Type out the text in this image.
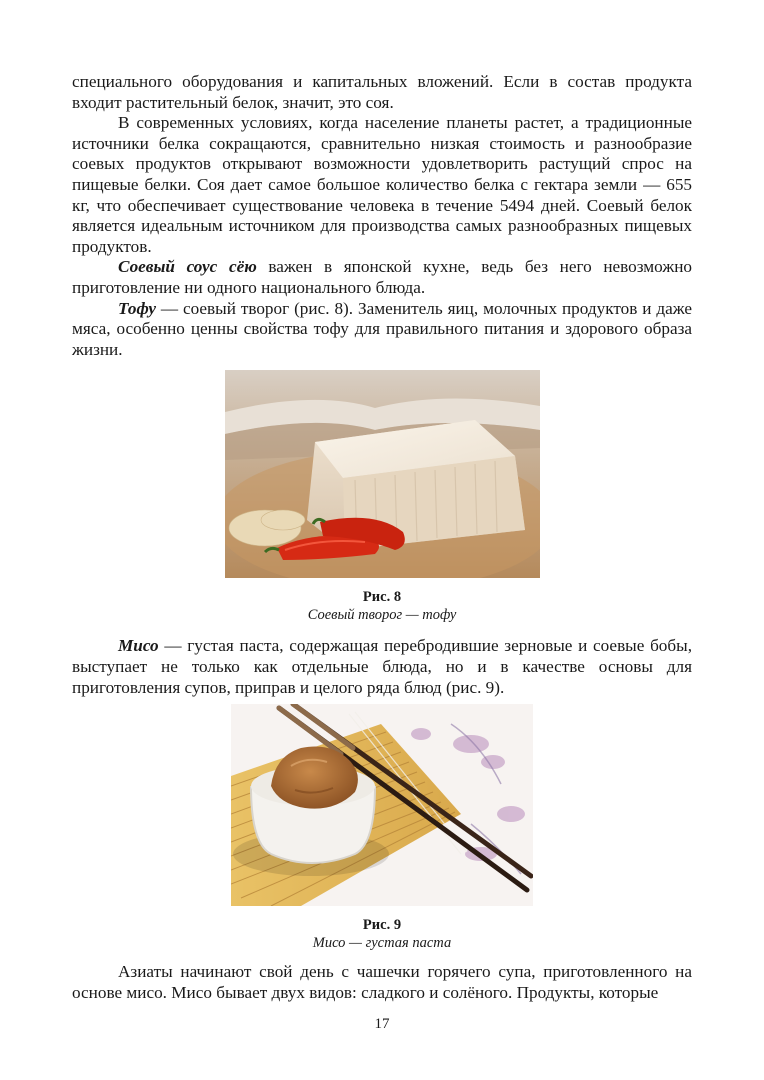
специального оборудования и капитальных вложений. Если в состав продукта входит растительный белок, значит, это соя.

В современных условиях, когда население планеты растет, а традиционные источники белка сокращаются, сравнительно низкая стоимость и разнообразие соевых продуктов открывают возможности удовлетворить растущий спрос на пищевые белки. Соя дает самое большое количество белка с гектара земли — 655 кг, что обеспечивает существование человека в течение 5494 дней. Соевый белок является идеальным источником для производства самых разнообразных пищевых продуктов.

Соевый соус сёю важен в японской кухне, ведь без него невозможно приготовление ни одного национального блюда.

Тофу — соевый творог (рис. 8). Заменитель яиц, молочных продуктов и даже мяса, особенно ценны свойства тофу для правильного питания и здорового образа жизни.

Рис. 8
Соевый творог — тофу

Мисо — густая паста, содержащая перебродившие зерновые и соевые бобы, выступает не только как отдельные блюда, но и в качестве основы для приготовления супов, приправ и целого ряда блюд (рис. 9).

Рис. 9
Мисо — густая паста

Азиаты начинают свой день с чашечки горячего супа, приготовленного на основе мисо. Мисо бывает двух видов: сладкого и солёного. Продукты, которые

17
